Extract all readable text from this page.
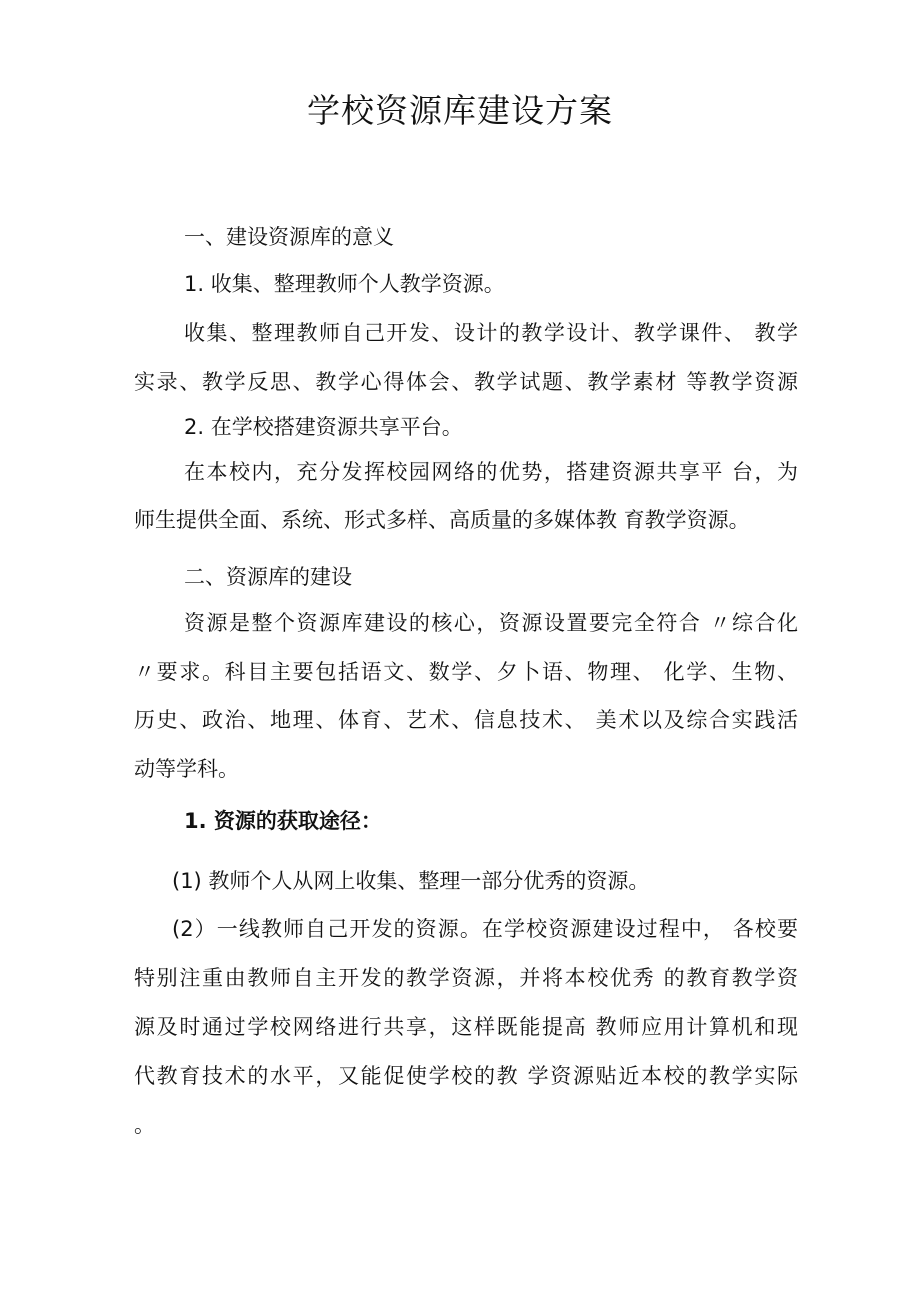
学校资源库建设方案
一、建设资源库的意义
1. 收集、整理教师个人教学资源。
收集、整理教师自己开发、设计的教学设计、教学课件、 教学
实录、教学反思、教学心得体会、教学试题、教学素材 等教学资源
2. 在学校搭建资源共享平台。
在本校内，充分发挥校园网络的优势，搭建资源共享平 台，为
师生提供全面、系统、形式多样、高质量的多媒体教 育教学资源。
二、资源库的建设
资源是整个资源库建设的核心，资源设置要完全符合 〃综合化
〃要求。科目主要包括语文、数学、夕卜语、物理、 化学、生物、
历史、政治、地理、体育、艺术、信息技术、 美术以及综合实践活
动等学科。
1. 资源的获取途径：
(1) 教师个人从网上收集、整理一部分优秀的资源。
(2）一线教师自己开发的资源。在学校资源建设过程中， 各校要
特别注重由教师自主开发的教学资源，并将本校优秀 的教育教学资
源及时通过学校网络进行共享，这样既能提高 教师应用计算机和现
代教育技术的水平，又能促使学校的教 学资源贴近本校的教学实际
。
